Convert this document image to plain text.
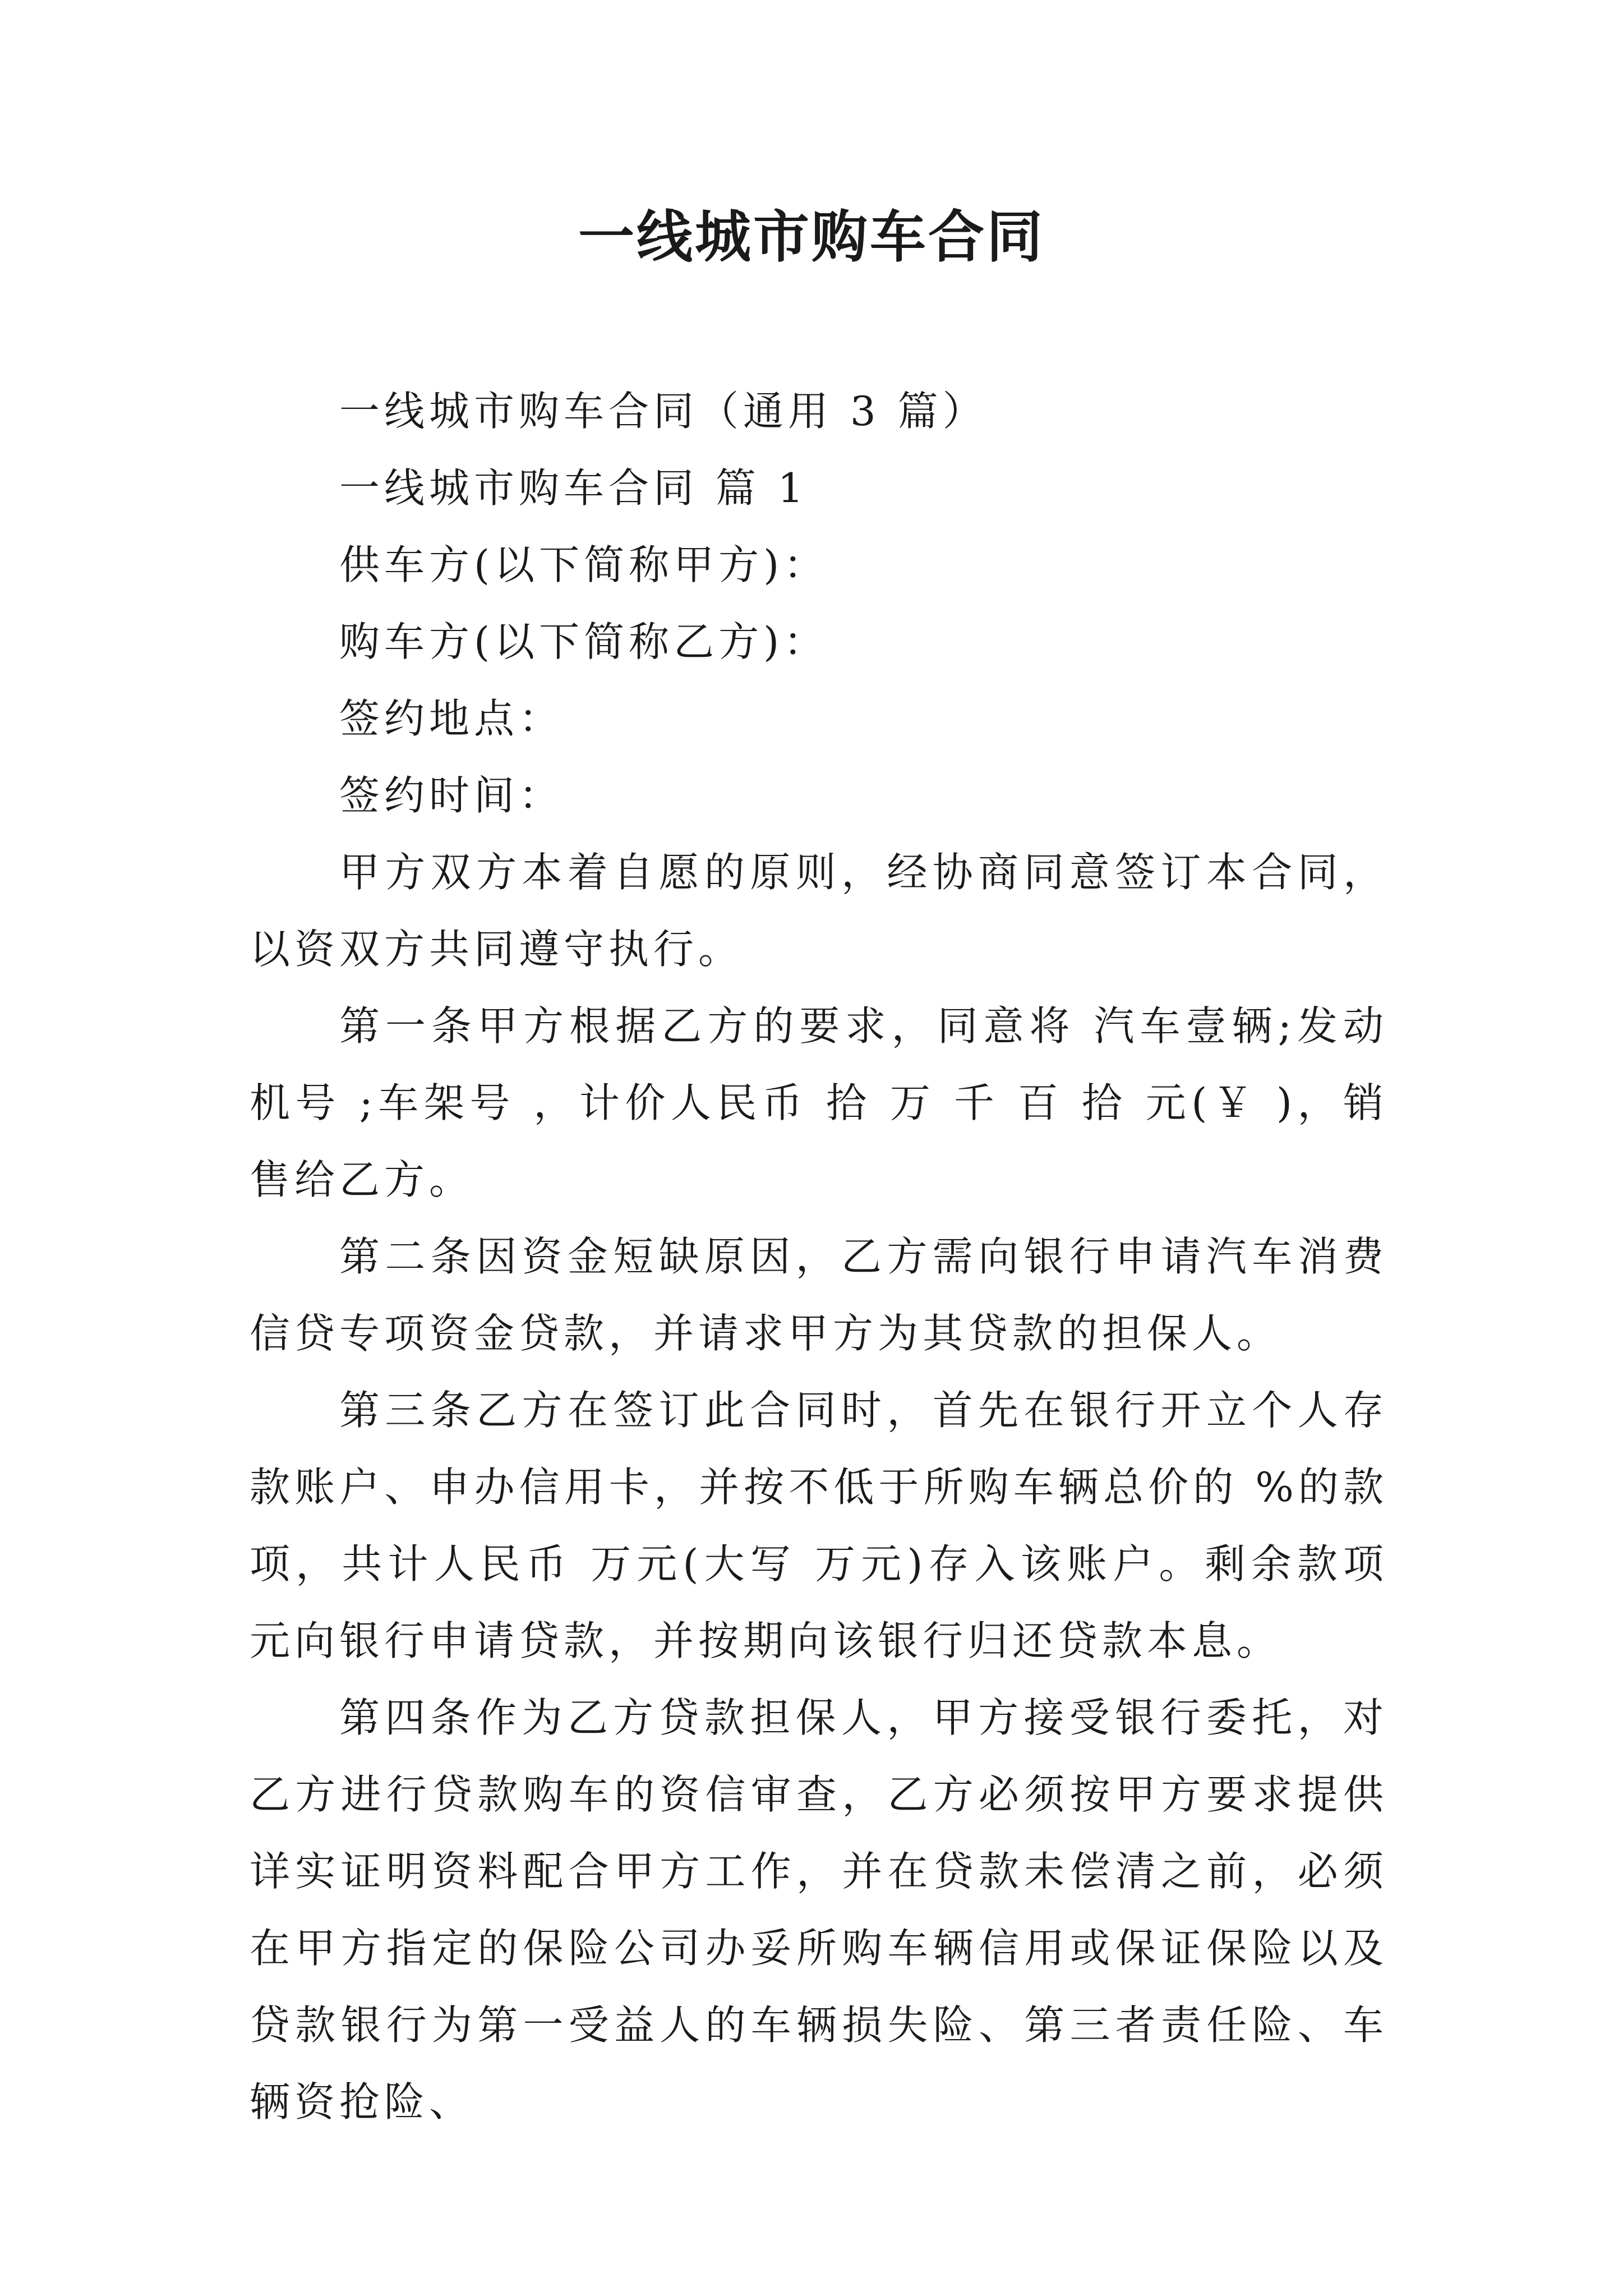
一线城市购车合同

一线城市购车合同（通用 3 篇）

一线城市购车合同 篇 1

供车方(以下简称甲方)：

购车方(以下简称乙方)：

签约地点：

签约时间：

甲方双方本着自愿的原则，经协商同意签订本合同，以资双方共同遵守执行。

第一条甲方根据乙方的要求，同意将 汽车壹辆;发动机号 ;车架号 ，计价人民币 拾 万 千 百 拾 元(￥ )，销售给乙方。

第二条因资金短缺原因，乙方需向银行申请汽车消费信贷专项资金贷款，并请求甲方为其贷款的担保人。

第三条乙方在签订此合同时，首先在银行开立个人存款账户、申办信用卡，并按不低于所购车辆总价的 %的款项，共计人民币 万元(大写 万元)存入该账户。剩余款项 元向银行申请贷款，并按期向该银行归还贷款本息。

第四条作为乙方贷款担保人，甲方接受银行委托，对乙方进行贷款购车的资信审查，乙方必须按甲方要求提供详实证明资料配合甲方工作，并在贷款未偿清之前，必须在甲方指定的保险公司办妥所购车辆信用或保证保险以及贷款银行为第一受益人的车辆损失险、第三者责任险、车辆资抢险、
